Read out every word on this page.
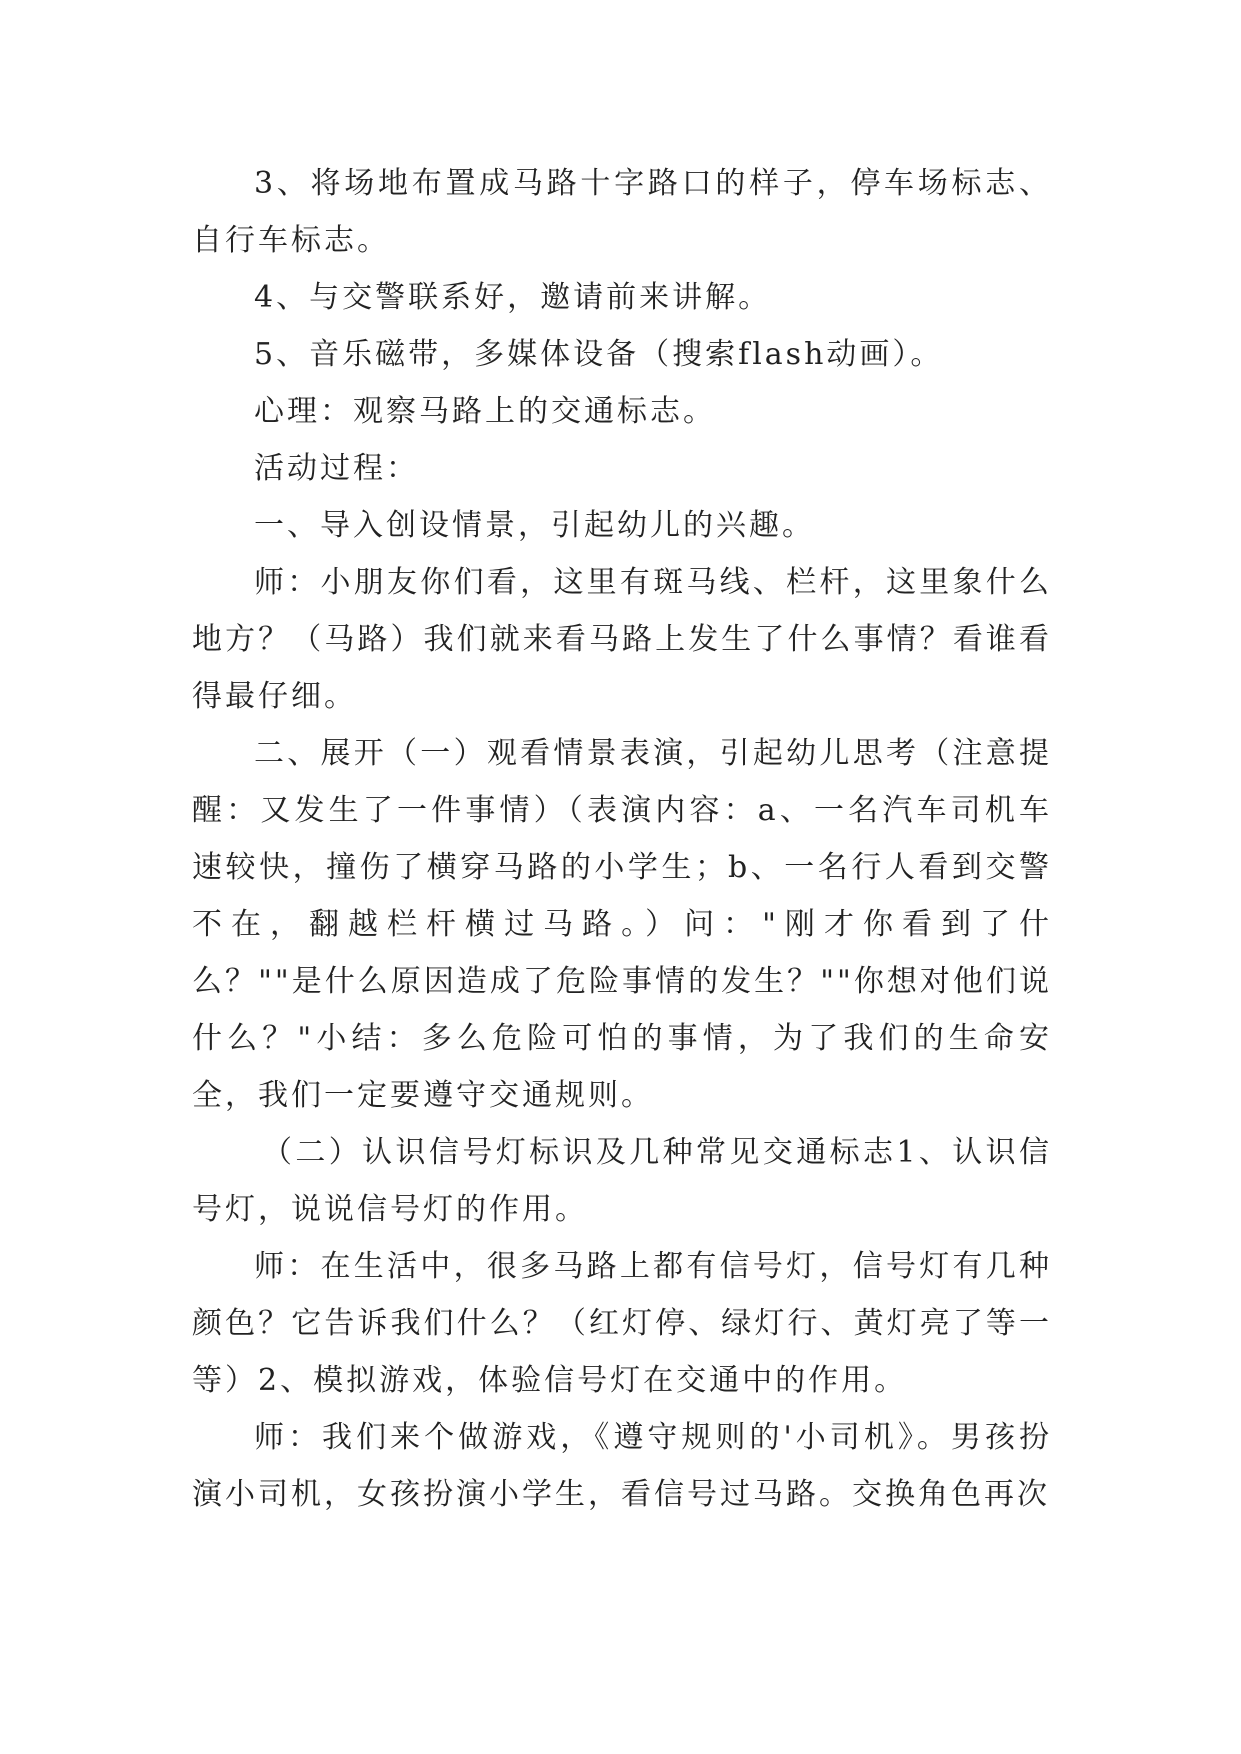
3、将场地布置成马路十字路口的样子，停车场标志、自行车标志。

4、与交警联系好，邀请前来讲解。

5、音乐磁带，多媒体设备（搜索flash动画）。

心理：观察马路上的交通标志。

活动过程：

一、导入创设情景，引起幼儿的兴趣。

师：小朋友你们看，这里有斑马线、栏杆，这里象什么地方？（马路）我们就来看马路上发生了什么事情？看谁看得最仔细。

二、展开（一）观看情景表演，引起幼儿思考（注意提醒：又发生了一件事情）（表演内容：a、一名汽车司机车速较快，撞伤了横穿马路的小学生；b、一名行人看到交警不在，翻越栏杆横过马路。）问："刚才你看到了什么？""是什么原因造成了危险事情的发生？""你想对他们说什么？"小结：多么危险可怕的事情，为了我们的生命安全，我们一定要遵守交通规则。

（二）认识信号灯标识及几种常见交通标志1、认识信号灯，说说信号灯的作用。

师：在生活中，很多马路上都有信号灯，信号灯有几种颜色？它告诉我们什么？（红灯停、绿灯行、黄灯亮了等一等）2、模拟游戏，体验信号灯在交通中的作用。

师：我们来个做游戏，《遵守规则的'小司机》。男孩扮演小司机，女孩扮演小学生，看信号过马路。交换角色再次
